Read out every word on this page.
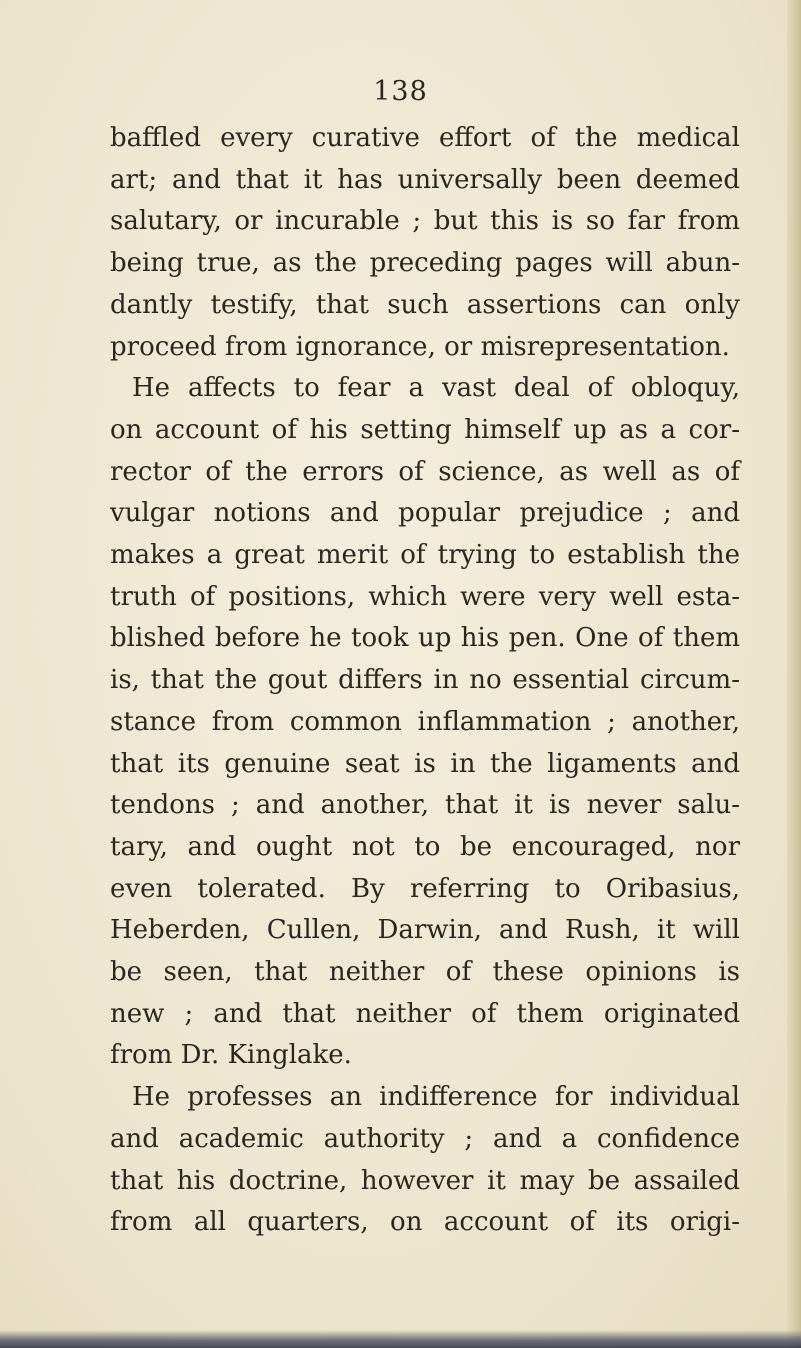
138
baffled every curative effort of the medical
art; and that it has universally been deemed
salutary, or incurable ; but this is so far from
being true, as the preceding pages will abun-
dantly testify, that such assertions can only
proceed from ignorance, or misrepresentation.
He affects to fear a vast deal of obloquy,
on account of his setting himself up as a cor-
rector of the errors of science, as well as of
vulgar notions and popular prejudice ; and
makes a great merit of trying to establish the
truth of positions, which were very well esta-
blished before he took up his pen. One of them
is, that the gout differs in no essential circum-
stance from common inflammation ; another,
that its genuine seat is in the ligaments and
tendons ; and another, that it is never salu-
tary, and ought not to be encouraged, nor
even tolerated. By referring to Oribasius,
Heberden, Cullen, Darwin, and Rush, it will
be seen, that neither of these opinions is
new ; and that neither of them originated
from Dr. Kinglake.
He professes an indifference for individual
and academic authority ; and a confidence
that his doctrine, however it may be assailed
from all quarters, on account of its origi-
